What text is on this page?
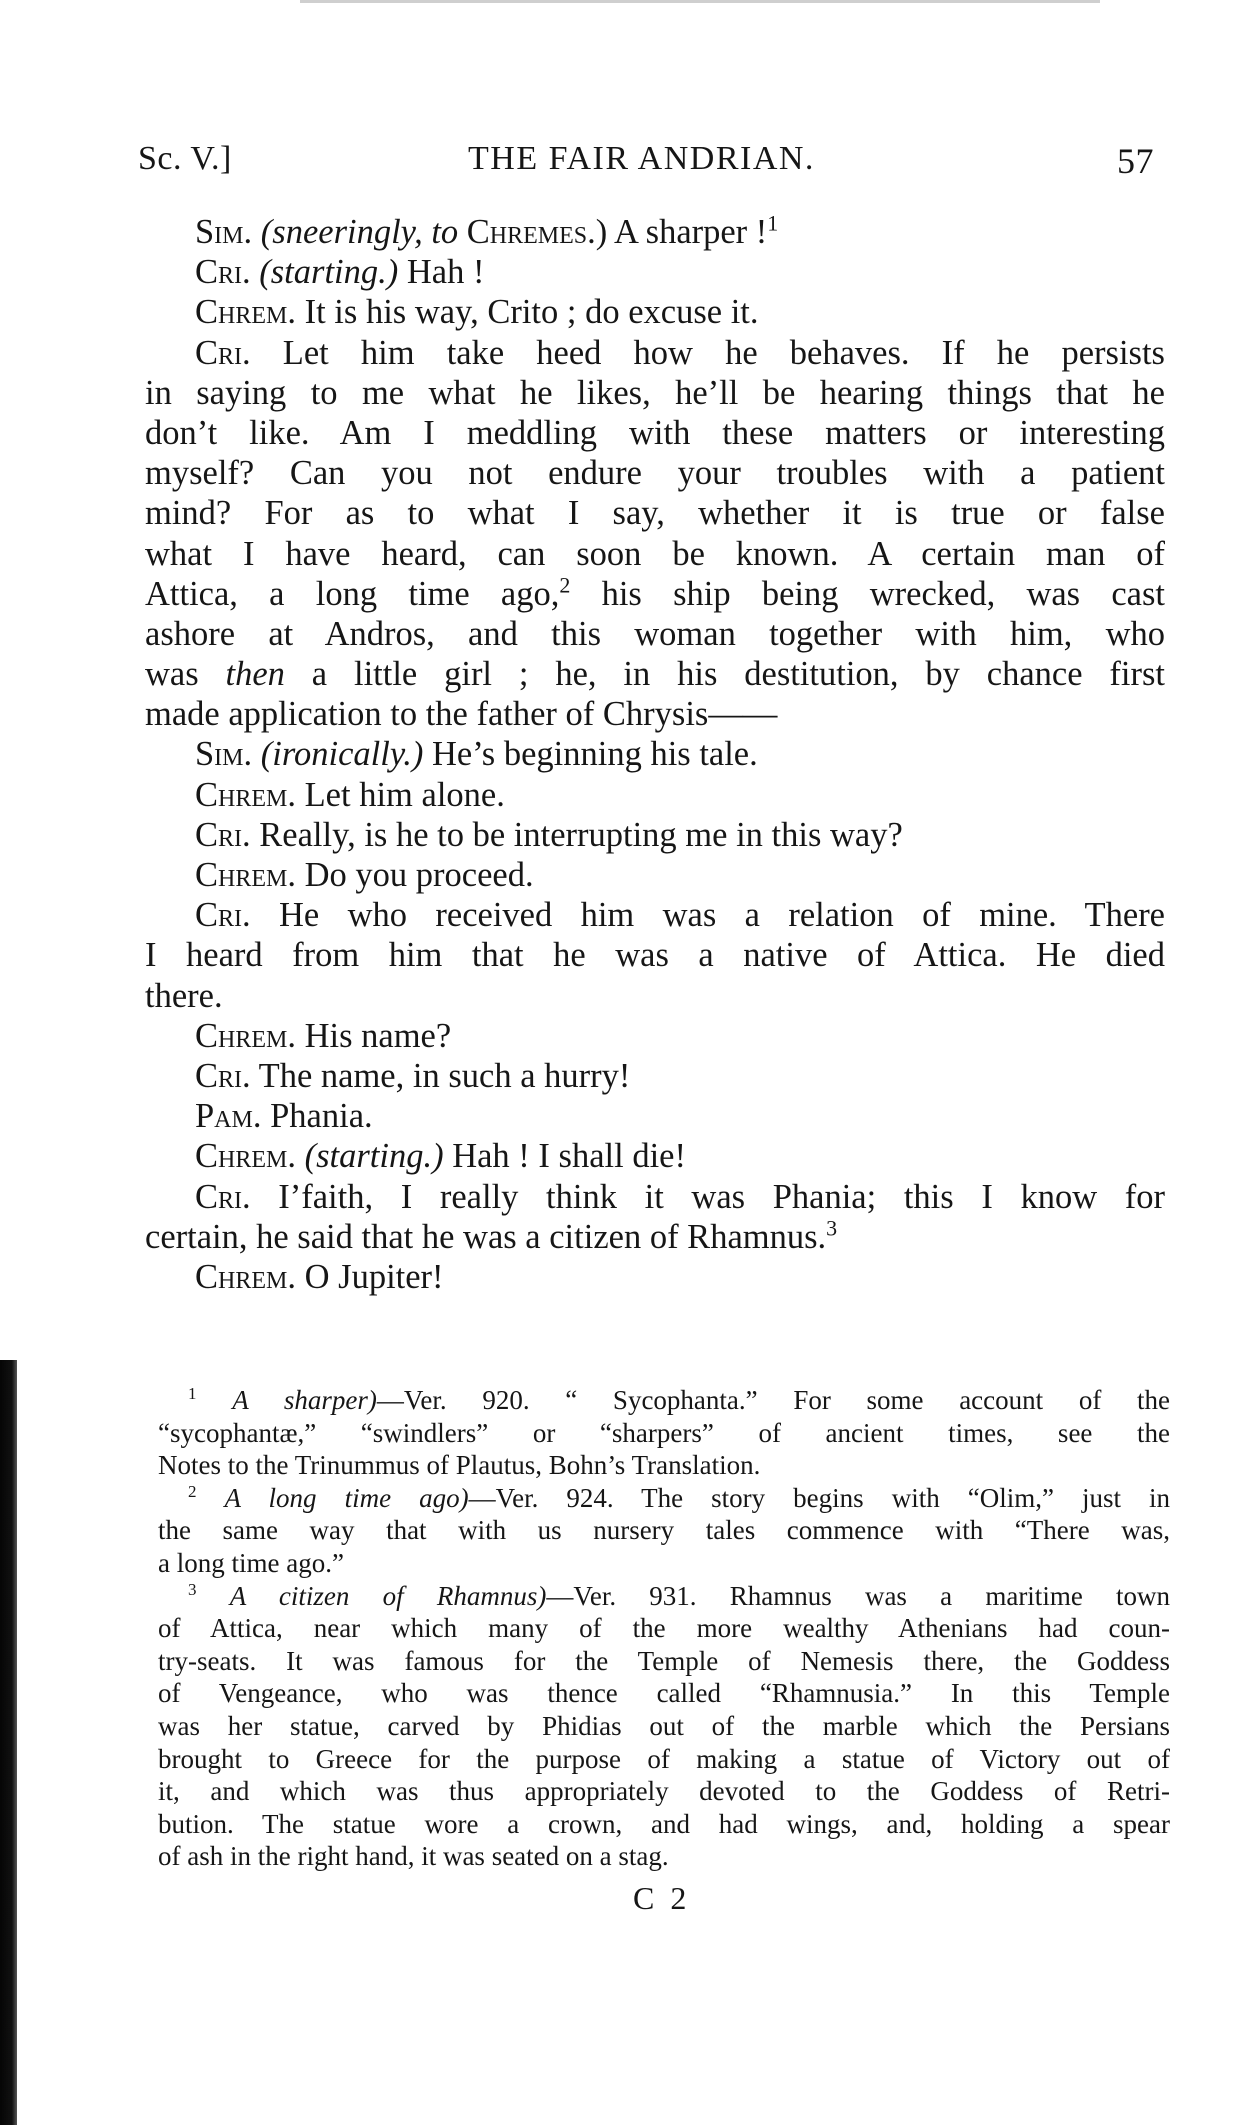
Sc. V.]	THE FAIR ANDRIAN.	57
Sim. (sneeringly, to Chremes.) A sharper !$^1$
Cri. (starting.) Hah !
Chrem. It is his way, Crito ; do excuse it.
Cri. Let him take heed how he behaves. If he persists
in saying to me what he likes, he’ll be hearing things that he
don’t like. Am I meddling with these matters or interesting
myself? Can you not endure your troubles with a patient
mind? For as to what I say, whether it is true or false
what I have heard, can soon be known. A certain man of
Attica, a long time ago,$^2$ his ship being wrecked, was cast
ashore at Andros, and this woman together with him, who
was then a little girl ; he, in his destitution, by chance first
made application to the father of Chrysis——
Sim. (ironically.) He’s beginning his tale.
Chrem. Let him alone.
Cri. Really, is he to be interrupting me in this way?
Chrem. Do you proceed.
Cri. He who received him was a relation of mine. There
I heard from him that he was a native of Attica. He died
there.
Chrem. His name?
Cri. The name, in such a hurry!
Pam. Phania.
Chrem. (starting.) Hah ! I shall die!
Cri. I’faith, I really think it was Phania; this I know for
certain, he said that he was a citizen of Rhamnus.$^3$
Chrem. O Jupiter!
$^1$ A sharper)—Ver. 920. “ Sycophanta.” For some account of the
“sycophantæ,” “swindlers” or “sharpers” of ancient times, see the
Notes to the Trinummus of Plautus, Bohn’s Translation.
$^2$ A long time ago)—Ver. 924. The story begins with “Olim,” just in
the same way that with us nursery tales commence with “There was,
a long time ago.”
$^3$ A citizen of Rhamnus)—Ver. 931. Rhamnus was a maritime town
of Attica, near which many of the more wealthy Athenians had coun-
try-seats. It was famous for the Temple of Nemesis there, the Goddess
of Vengeance, who was thence called “Rhamnusia.” In this Temple
was her statue, carved by Phidias out of the marble which the Persians
brought to Greece for the purpose of making a statue of Victory out of
it, and which was thus appropriately devoted to the Goddess of Retri-
bution. The statue wore a crown, and had wings, and, holding a spear
of ash in the right hand, it was seated on a stag.
C 2
